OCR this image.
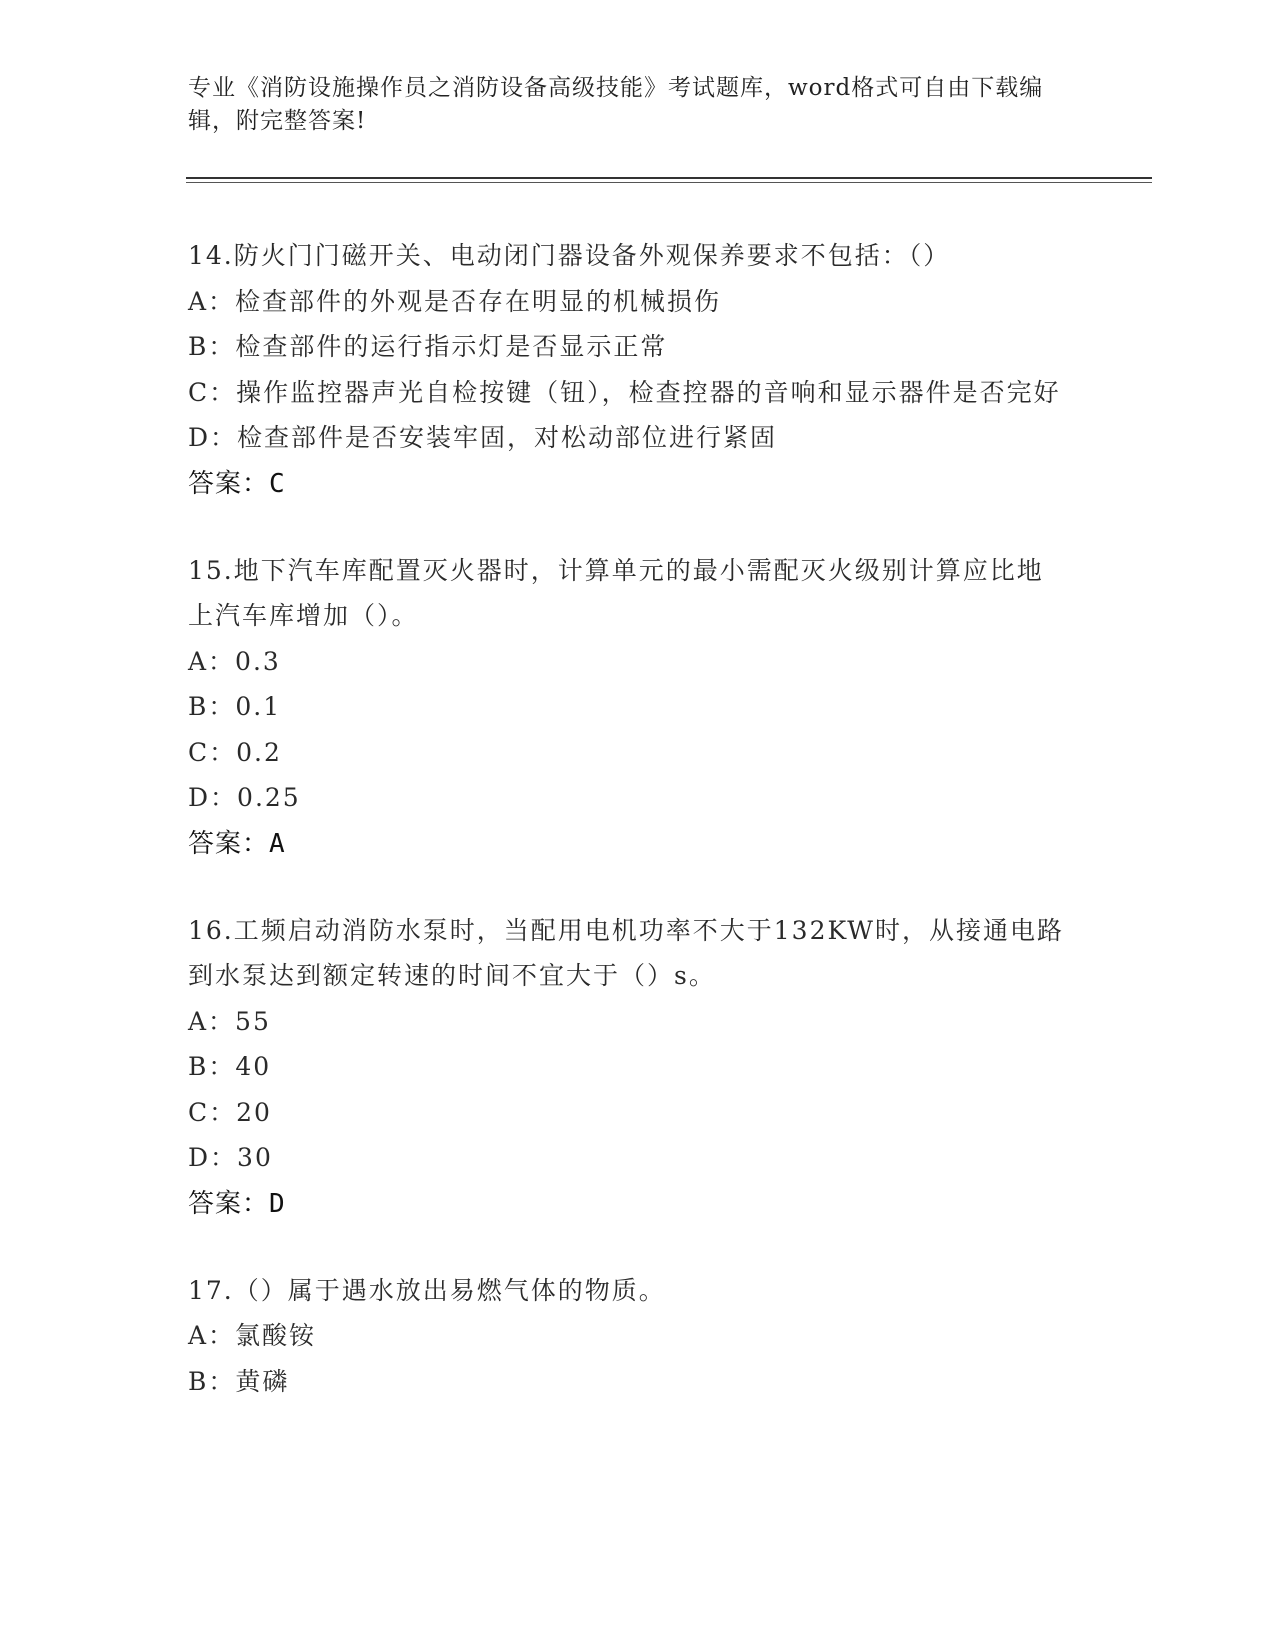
专业《消防设施操作员之消防设备高级技能》考试题库，word格式可自由下载编辑，附完整答案!

14.防火门门磁开关、电动闭门器设备外观保养要求不包括：（）

A：检查部件的外观是否存在明显的机械损伤

B：检查部件的运行指示灯是否显示正常

C：操作监控器声光自检按键（钮），检查控器的音响和显示器件是否完好

D：检查部件是否安装牢固，对松动部位进行紧固

答案：C

15.地下汽车库配置灭火器时，计算单元的最小需配灭火级别计算应比地上汽车库增加（）。

A：0.3

B：0.1

C：0.2

D：0.25

答案：A

16.工频启动消防水泵时，当配用电机功率不大于132KW时，从接通电路到水泵达到额定转速的时间不宜大于（）s。

A：55

B：40

C：20

D：30

答案：D

17.（）属于遇水放出易燃气体的物质。

A：氯酸铵

B：黄磷
